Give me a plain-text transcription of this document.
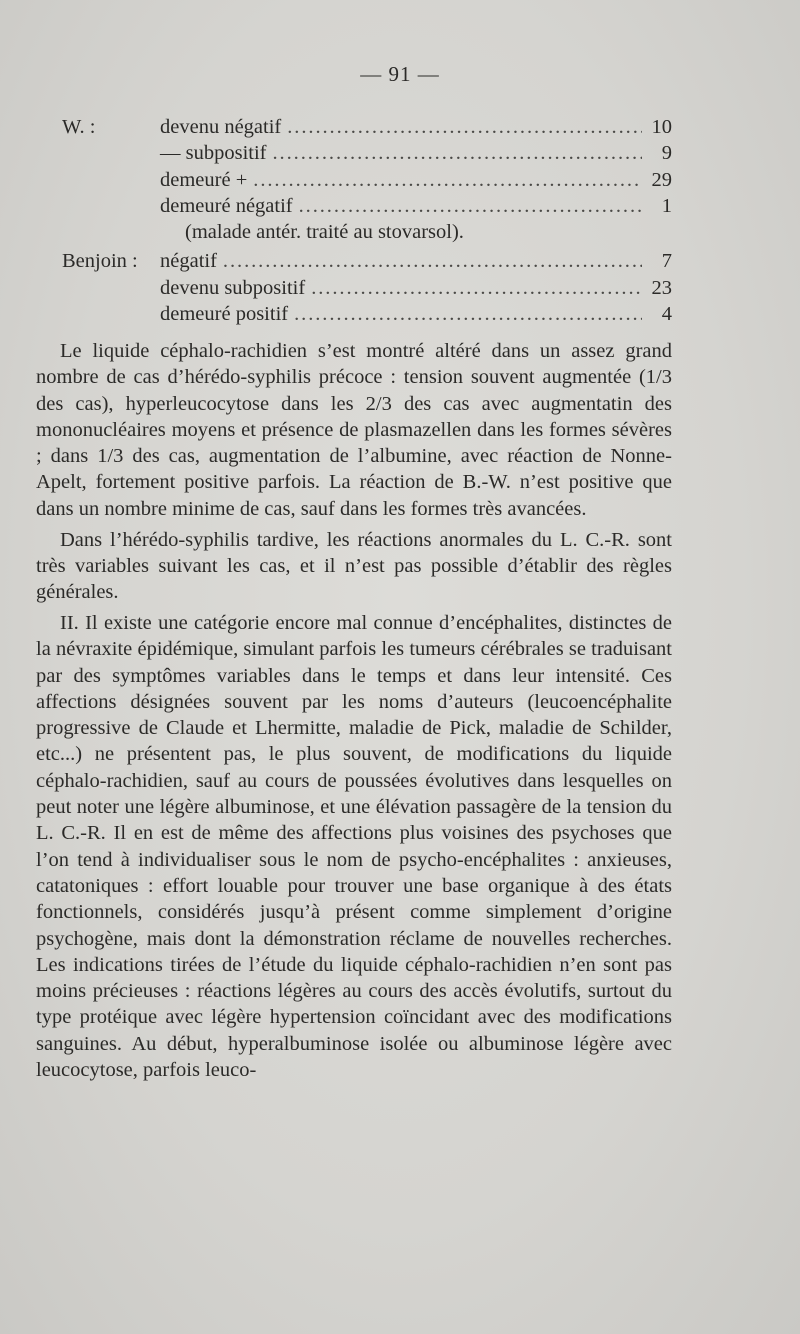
— 91 —
W. :	devenu négatif . . .	10
— subpositif . . .	9
demeuré + . . .	29
demeuré négatif . . .	1
(malade antér. traité au stovarsol).
Benjoin : négatif . . .	7
devenu subpositif . . .	23
demeuré positif . . .	4

Le liquide céphalo-rachidien s’est montré altéré dans un assez grand nombre de cas d’hérédo-syphilis précoce : tension souvent augmentée (1/3 des cas), hyperleucocytose dans les 2/3 des cas avec augmentatin des mononucléaires moyens et présence de plasmazellen dans les formes sévères ; dans 1/3 des cas, augmentation de l’albumine, avec réaction de Nonne-Apelt, fortement positive parfois. La réaction de B.-W. n’est positive que dans un nombre minime de cas, sauf dans les formes très avancées.

Dans l’hérédo-syphilis tardive, les réactions anormales du L. C.-R. sont très variables suivant les cas, et il n’est pas possible d’établir des règles générales.

II. Il existe une catégorie encore mal connue d’encéphalites, distinctes de la névraxite épidémique, simulant parfois les tumeurs cérébrales se traduisant par des symptômes variables dans le temps et dans leur intensité. Ces affections désignées souvent par les noms d’auteurs (leucoencéphalite progressive de Claude et Lhermitte, maladie de Pick, maladie de Schilder, etc...) ne présentent pas, le plus souvent, de modifications du liquide céphalo-rachidien, sauf au cours de poussées évolutives dans lesquelles on peut noter une légère albuminose, et une élévation passagère de la tension du L. C.-R. Il en est de même des affections plus voisines des psychoses que l’on tend à individualiser sous le nom de psycho-encéphalites : anxieuses, catatoniques : effort louable pour trouver une base organique à des états fonctionnels, considérés jusqu’à présent comme simplement d’origine psychogène, mais dont la démonstration réclame de nouvelles recherches. Les indications tirées de l’étude du liquide céphalo-rachidien n’en sont pas moins précieuses : réactions légères au cours des accès évolutifs, surtout du type protéique avec légère hypertension coïncidant avec des modifications sanguines. Au début, hyperalbuminose isolée ou albuminose légère avec leucocytose, parfois leuco-
